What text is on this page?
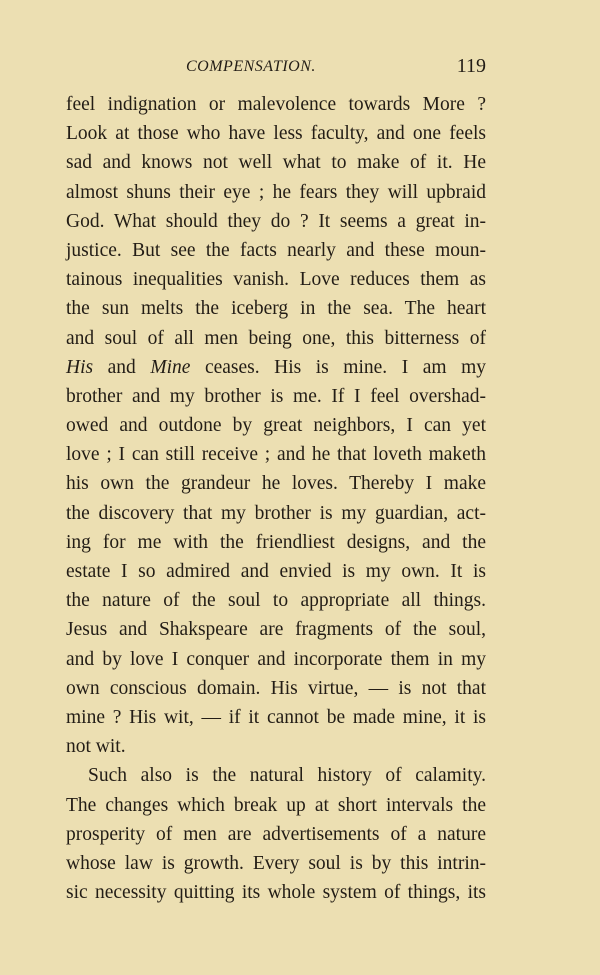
COMPENSATION.	119
feel indignation or malevolence towards More ?
Look at those who have less faculty, and one feels
sad and knows not well what to make of it. He
almost shuns their eye ; he fears they will upbraid
God. What should they do ? It seems a great in-
justice. But see the facts nearly and these moun-
tainous inequalities vanish. Love reduces them as
the sun melts the iceberg in the sea. The heart
and soul of all men being one, this bitterness of
His and Mine ceases. His is mine. I am my
brother and my brother is me. If I feel overshad-
owed and outdone by great neighbors, I can yet
love ; I can still receive ; and he that loveth maketh
his own the grandeur he loves. Thereby I make
the discovery that my brother is my guardian, act-
ing for me with the friendliest designs, and the
estate I so admired and envied is my own. It is
the nature of the soul to appropriate all things.
Jesus and Shakspeare are fragments of the soul,
and by love I conquer and incorporate them in my
own conscious domain. His virtue, — is not that
mine ? His wit, — if it cannot be made mine, it is
not wit.
Such also is the natural history of calamity.
The changes which break up at short intervals the
prosperity of men are advertisements of a nature
whose law is growth. Every soul is by this intrin-
sic necessity quitting its whole system of things, its
